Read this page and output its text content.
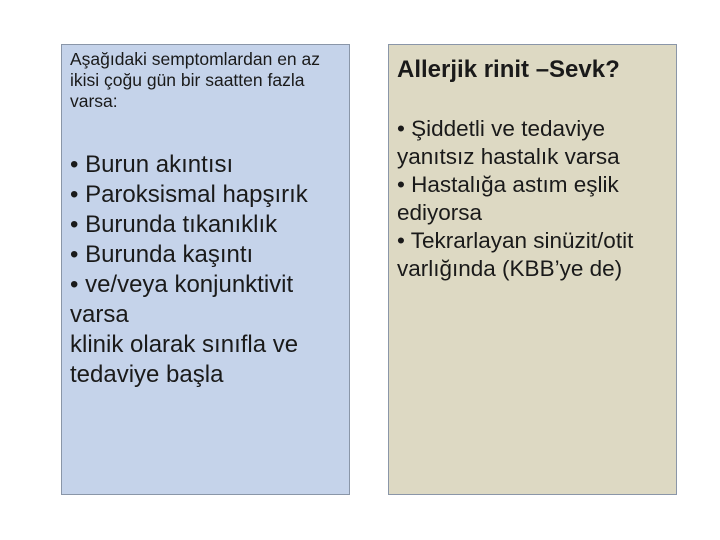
Aşağıdaki semptomlardan en az ikisi çoğu gün bir saatten fazla varsa:

• Burun akıntısı
• Paroksismal hapşırık
• Burunda tıkanıklık
• Burunda kaşıntı
• ve/veya konjunktivit varsa
klinik olarak sınıfla ve tedaviye başla

Allerjik rinit –Sevk?

• Şiddetli ve tedaviye yanıtsız hastalık varsa
• Hastalığa astım eşlik ediyorsa
• Tekrarlayan sinüzit/otit varlığında (KBB’ye de)
